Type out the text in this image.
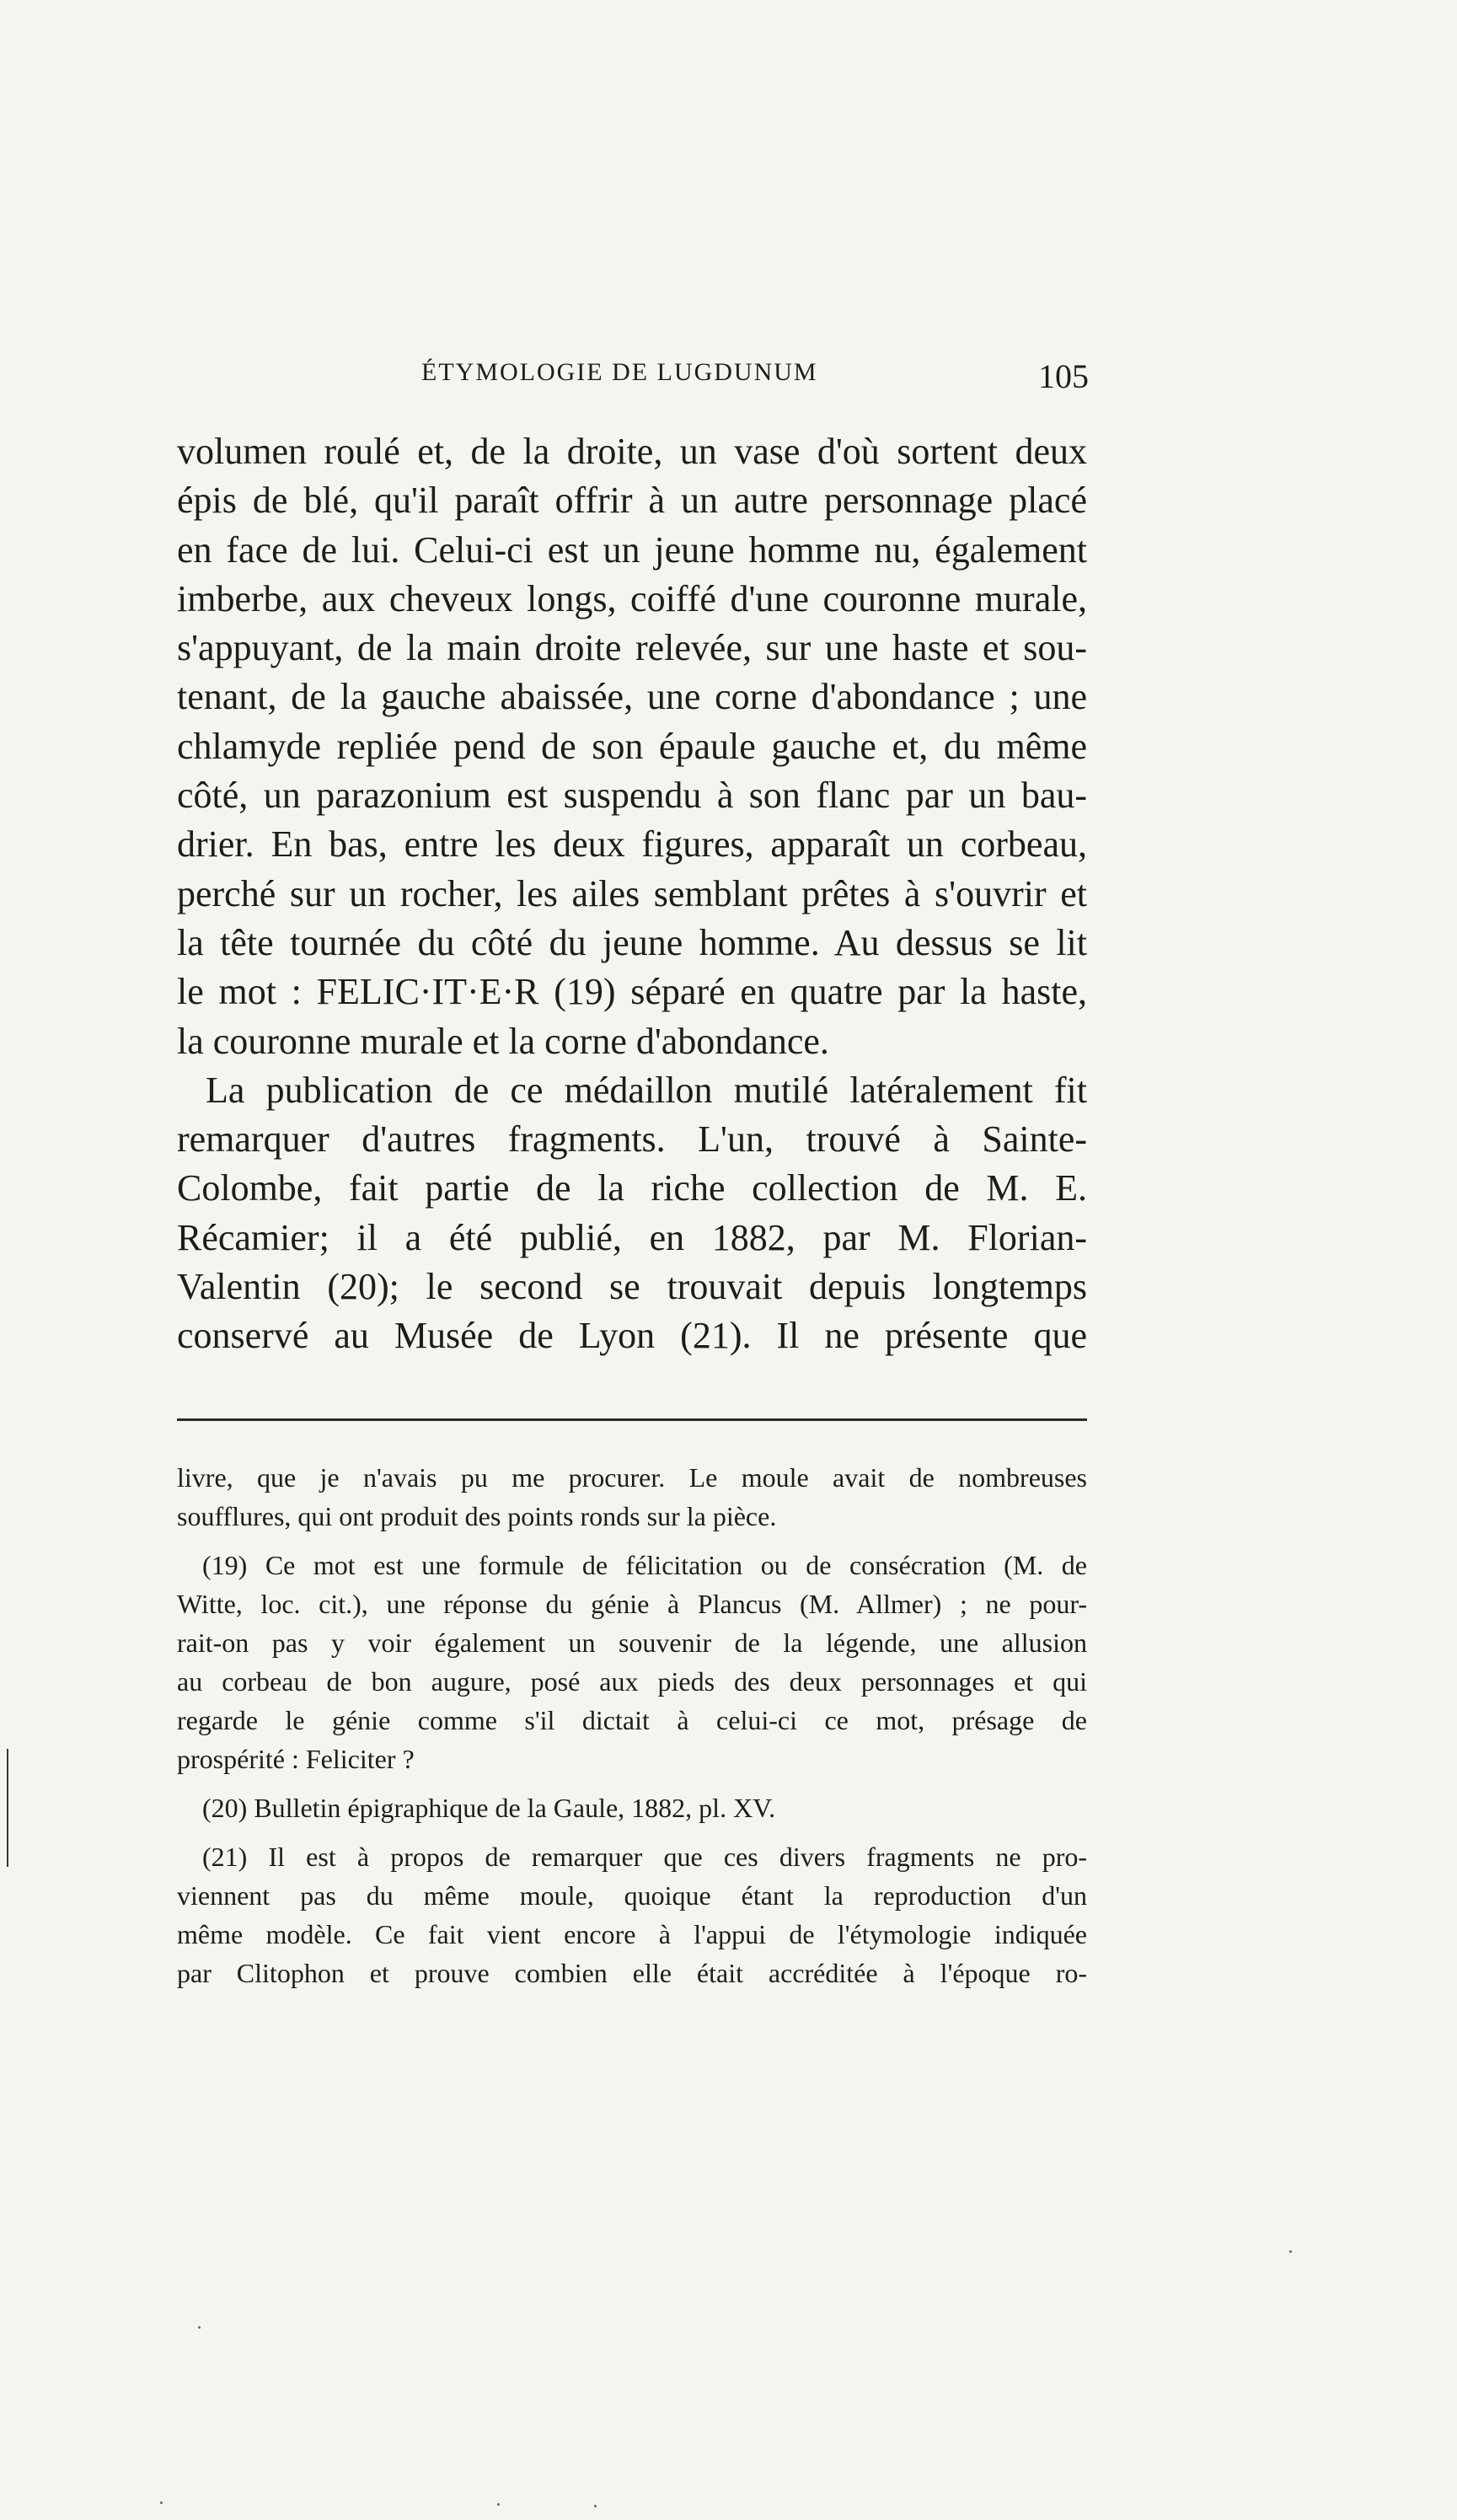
ÉTYMOLOGIE DE LUGDUNUM	105
volumen roulé et, de la droite, un vase d'où sortent deux
épis de blé, qu'il paraît offrir à un autre personnage placé
en face de lui. Celui-ci est un jeune homme nu, également
imberbe, aux cheveux longs, coiffé d'une couronne murale,
s'appuyant, de la main droite relevée, sur une haste et sou-
tenant, de la gauche abaissée, une corne d'abondance ; une
chlamyde repliée pend de son épaule gauche et, du même
côté, un parazonium est suspendu à son flanc par un bau-
drier. En bas, entre les deux figures, apparaît un corbeau,
perché sur un rocher, les ailes semblant prêtes à s'ouvrir et
la tête tournée du côté du jeune homme. Au dessus se lit
le mot : FELIC·IT·E·R (19) séparé en quatre par la haste,
la couronne murale et la corne d'abondance.
La publication de ce médaillon mutilé latéralement fit
remarquer d'autres fragments. L'un, trouvé à Sainte-
Colombe, fait partie de la riche collection de M. E.
Récamier; il a été publié, en 1882, par M. Florian-
Valentin (20); le second se trouvait depuis longtemps
conservé au Musée de Lyon (21). Il ne présente que
livre, que je n'avais pu me procurer. Le moule avait de nombreuses
soufflures, qui ont produit des points ronds sur la pièce.
(19) Ce mot est une formule de félicitation ou de consécration (M. de
Witte, loc. cit.), une réponse du génie à Plancus (M. Allmer) ; ne pour-
rait-on pas y voir également un souvenir de la légende, une allusion
au corbeau de bon augure, posé aux pieds des deux personnages et qui
regarde le génie comme s'il dictait à celui-ci ce mot, présage de
prospérité : Feliciter ?
(20) Bulletin épigraphique de la Gaule, 1882, pl. XV.
(21) Il est à propos de remarquer que ces divers fragments ne pro-
viennent pas du même moule, quoique étant la reproduction d'un
même modèle. Ce fait vient encore à l'appui de l'étymologie indiquée
par Clitophon et prouve combien elle était accréditée à l'époque ro-
